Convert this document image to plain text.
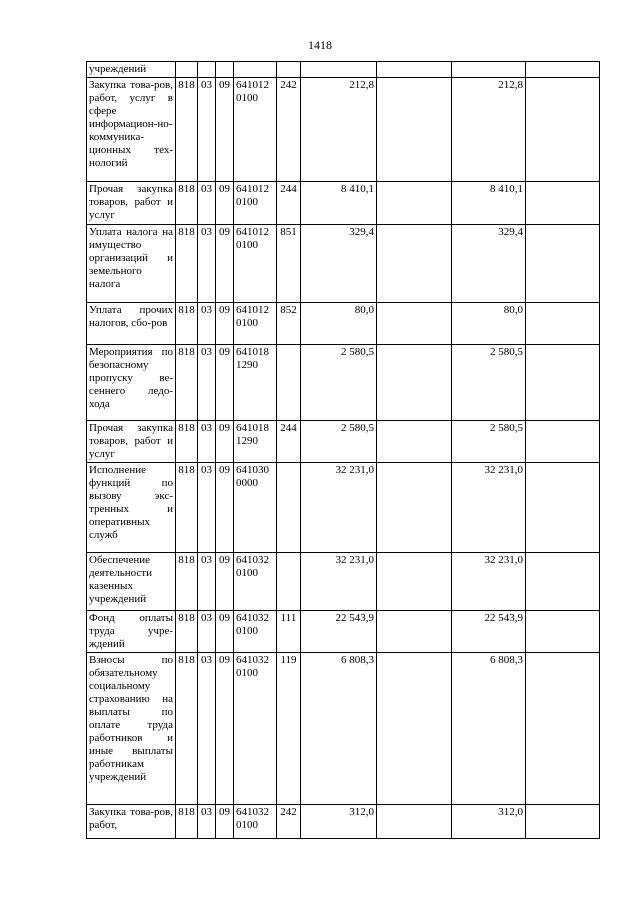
1418
учреждений									
Закупка това-ров, работ, услуг в сфере информацион-но-коммуника-ционных тех-нологий	818	03	09	641012 0100	242	212,8		212,8	
Прочая закупка товаров, работ и услуг	818	03	09	641012 0100	244	8 410,1		8 410,1	
Уплата налога на имущество организаций и земельного налога	818	03	09	641012 0100	851	329,4		329,4	
Уплата прочих налогов, сбо-ров	818	03	09	641012 0100	852	80,0		80,0	
Мероприятия по безопасному пропуску ве-сеннего ледо-хода	818	03	09	641018 1290		2 580,5		2 580,5	
Прочая закупка товаров, работ и услуг	818	03	09	641018 1290	244	2 580,5		2 580,5	
Исполнение функций по вызову экс-тренных и оперативных служб	818	03	09	641030 0000		32 231,0		32 231,0	
Обеспечение деятельности казенных учреждений	818	03	09	641032 0100		32 231,0		32 231,0	
Фонд оплаты труда учре-ждений	818	03	09	641032 0100	111	22 543,9		22 543,9	
Взносы по обязательному социальному страхованию на выплаты по оплате труда работников и иные выплаты работникам учреждений	818	03	09	641032 0100	119	6 808,3		6 808,3	
Закупка това-ров, работ,	818	03	09	641032 0100	242	312,0		312,0	
